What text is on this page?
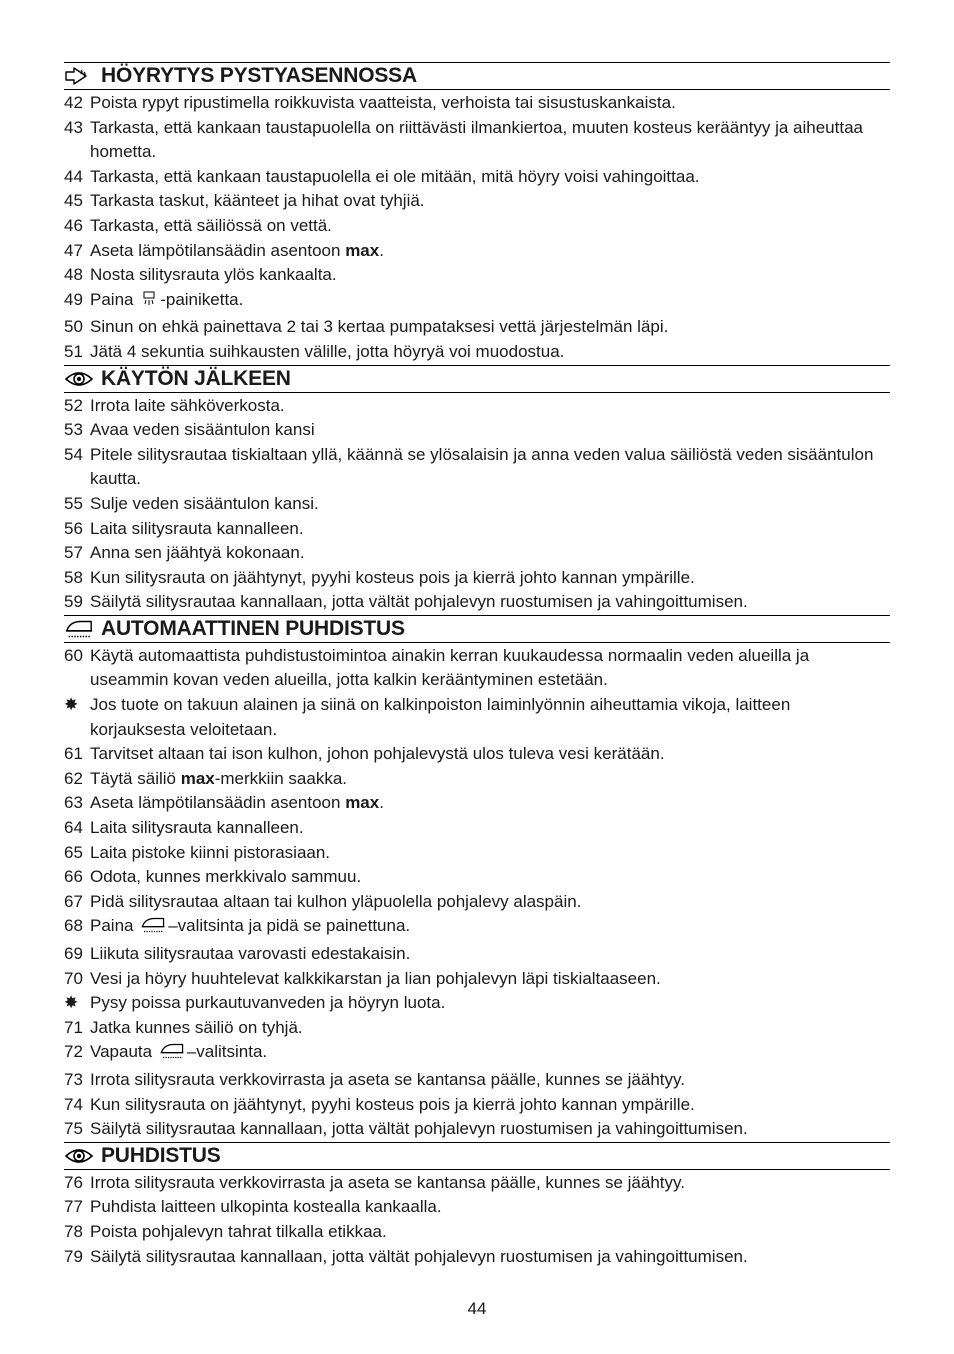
HÖYRYTYS PYSTYASENNOSSA
42 Poista rypyt ripustimella roikkuvista vaatteista, verhoista tai sisustuskankaista.
43 Tarkasta, että kankaan taustapuolella on riittävästi ilmankiertoa, muuten kosteus kerääntyy ja aiheuttaa hometta.
44 Tarkasta, että kankaan taustapuolella ei ole mitään, mitä höyry voisi vahingoittaa.
45 Tarkasta taskut, käänteet ja hihat ovat tyhjiä.
46 Tarkasta, että säiliössä on vettä.
47 Aseta lämpötilansäädin asentoon max.
48 Nosta silitysrauta ylös kankaalta.
49 Paina -painiketta.
50 Sinun on ehkä painettava 2 tai 3 kertaa pumpataksesi vettä järjestelmän läpi.
51 Jätä 4 sekuntia suihkausten välille, jotta höyryä voi muodostua.
KÄYTÖN JÄLKEEN
52 Irrota laite sähköverkosta.
53 Avaa veden sisääntulon kansi
54 Pitele silitysrautaa tiskialtaan yllä, käännä se ylösalaisin ja anna veden valua säiliöstä veden sisääntulon kautta.
55 Sulje veden sisääntulon kansi.
56 Laita silitysrauta kannalleen.
57 Anna sen jäähtyä kokonaan.
58 Kun silitysrauta on jäähtynyt, pyyhi kosteus pois ja kierrä johto kannan ympärille.
59 Säilytä silitysrautaa kannallaan, jotta vältät pohjalevyn ruostumisen ja vahingoittumisen.
AUTOMAATTINEN PUHDISTUS
60 Käytä automaattista puhdistustoimintoa ainakin kerran kuukaudessa normaalin veden alueilla ja useammin kovan veden alueilla, jotta kalkin kerääntyminen estetään.
✸ Jos tuote on takuun alainen ja siinä on kalkinpoiston laiminlyönnin aiheuttamia vikoja, laitteen korjauksesta veloitetaan.
61 Tarvitset altaan tai ison kulhon, johon pohjalevystä ulos tuleva vesi kerätään.
62 Täytä säiliö max-merkkiin saakka.
63 Aseta lämpötilansäädin asentoon max.
64 Laita silitysrauta kannalleen.
65 Laita pistoke kiinni pistorasiaan.
66 Odota, kunnes merkkivalo sammuu.
67 Pidä silitysrautaa altaan tai kulhon yläpuolella pohjalevy alaspäin.
68 Paina –valitsinta ja pidä se painettuna.
69 Liikuta silitysrautaa varovasti edestakaisin.
70 Vesi ja höyry huuhtelevat kalkkikarstan ja lian pohjalevyn läpi tiskialtaaseen.
✸ Pysy poissa purkautuvanveden ja höyryn luota.
71 Jatka kunnes säiliö on tyhjä.
72 Vapauta –valitsinta.
73 Irrota silitysrauta verkkovirrasta ja aseta se kantansa päälle, kunnes se jäähtyy.
74 Kun silitysrauta on jäähtynyt, pyyhi kosteus pois ja kierrä johto kannan ympärille.
75 Säilytä silitysrautaa kannallaan, jotta vältät pohjalevyn ruostumisen ja vahingoittumisen.
PUHDISTUS
76 Irrota silitysrauta verkkovirrasta ja aseta se kantansa päälle, kunnes se jäähtyy.
77 Puhdista laitteen ulkopinta kostealla kankaalla.
78 Poista pohjalevyn tahrat tilkalla etikkaa.
79 Säilytä silitysrautaa kannallaan, jotta vältät pohjalevyn ruostumisen ja vahingoittumisen.
44
